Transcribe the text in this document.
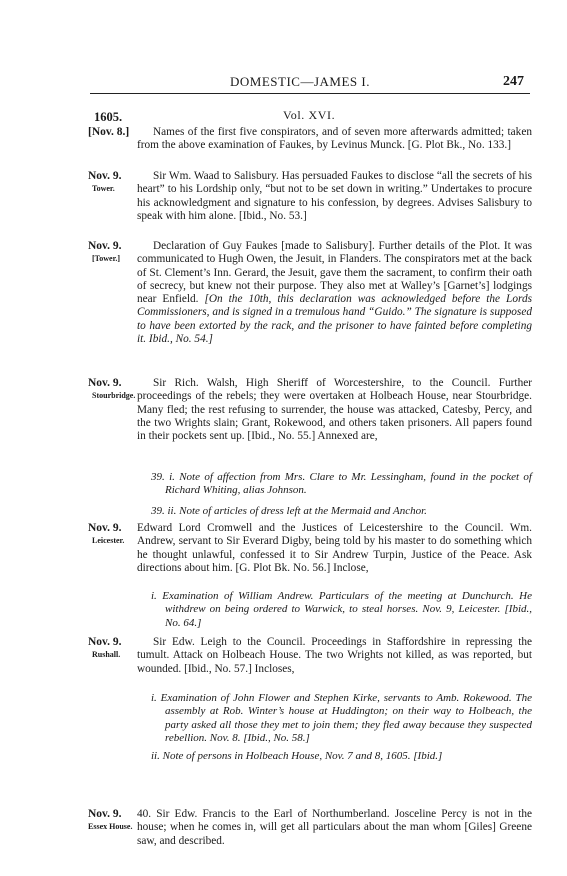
DOMESTIC—JAMES I.	247
1605.	Vol. XVI.
[Nov. 8.]	Names of the first five conspirators, and of seven more afterwards admitted; taken from the above examination of Faukes, by Levinus Munck. [G. Plot Bk., No. 133.]

Nov. 9.
Tower.

Sir Wm. Waad to Salisbury. Has persuaded Faukes to disclose “all the secrets of his heart” to his Lordship only, “but not to be set down in writing.” Undertakes to procure his acknowledgment and signature to his confession, by degrees. Advises Salisbury to speak with him alone. [Ibid., No. 53.]

Nov. 9.
[Tower.]

Declaration of Guy Faukes [made to Salisbury]. Further details of the Plot. It was communicated to Hugh Owen, the Jesuit, in Flanders. The conspirators met at the back of St. Clement’s Inn. Gerard, the Jesuit, gave them the sacrament, to confirm their oath of secrecy, but knew not their purpose. They also met at Walley’s [Garnet’s] lodgings near Enfield. [On the 10th, this declaration was acknowledged before the Lords Commissioners, and is signed in a tremulous hand “Guido.” The signature is supposed to have been extorted by the rack, and the prisoner to have fainted before completing it. Ibid., No. 54.]

Nov. 9.
Stourbridge.

Sir Rich. Walsh, High Sheriff of Worcestershire, to the Council. Further proceedings of the rebels; they were overtaken at Holbeach House, near Stourbridge. Many fled; the rest refusing to surrender, the house was attacked, Catesby, Percy, and the two Wrights slain; Grant, Rokewood, and others taken prisoners. All papers found in their pockets sent up. [Ibid., No. 55.] Annexed are,

39. i. Note of affection from Mrs. Clare to Mr. Lessingham, found in the pocket of Richard Whiting, alias Johnson.

39. ii. Note of articles of dress left at the Mermaid and Anchor.

Nov. 9.
Leicester.

Edward Lord Cromwell and the Justices of Leicestershire to the Council. Wm. Andrew, servant to Sir Everard Digby, being told by his master to do something which he thought unlawful, confessed it to Sir Andrew Turpin, Justice of the Peace. Ask directions about him. [G. Plot Bk. No. 56.] Inclose,

i. Examination of William Andrew. Particulars of the meeting at Dunchurch. He withdrew on being ordered to Warwick, to steal horses. Nov. 9, Leicester. [Ibid., No. 64.]

Nov. 9.
Rushall.

Sir Edw. Leigh to the Council. Proceedings in Staffordshire in repressing the tumult. Attack on Holbeach House. The two Wrights not killed, as was reported, but wounded. [Ibid., No. 57.] Incloses,

i. Examination of John Flower and Stephen Kirke, servants to Amb. Rokewood. The assembly at Rob. Winter’s house at Huddington; on their way to Holbeach, the party asked all those they met to join them; they fled away because they suspected rebellion. Nov. 8. [Ibid., No. 58.]

ii. Note of persons in Holbeach House, Nov. 7 and 8, 1605. [Ibid.]

Nov. 9.
Essex House.

40. Sir Edw. Francis to the Earl of Northumberland. Josceline Percy is not in the house; when he comes in, will get all particulars about the man whom [Giles] Greene saw, and described.
